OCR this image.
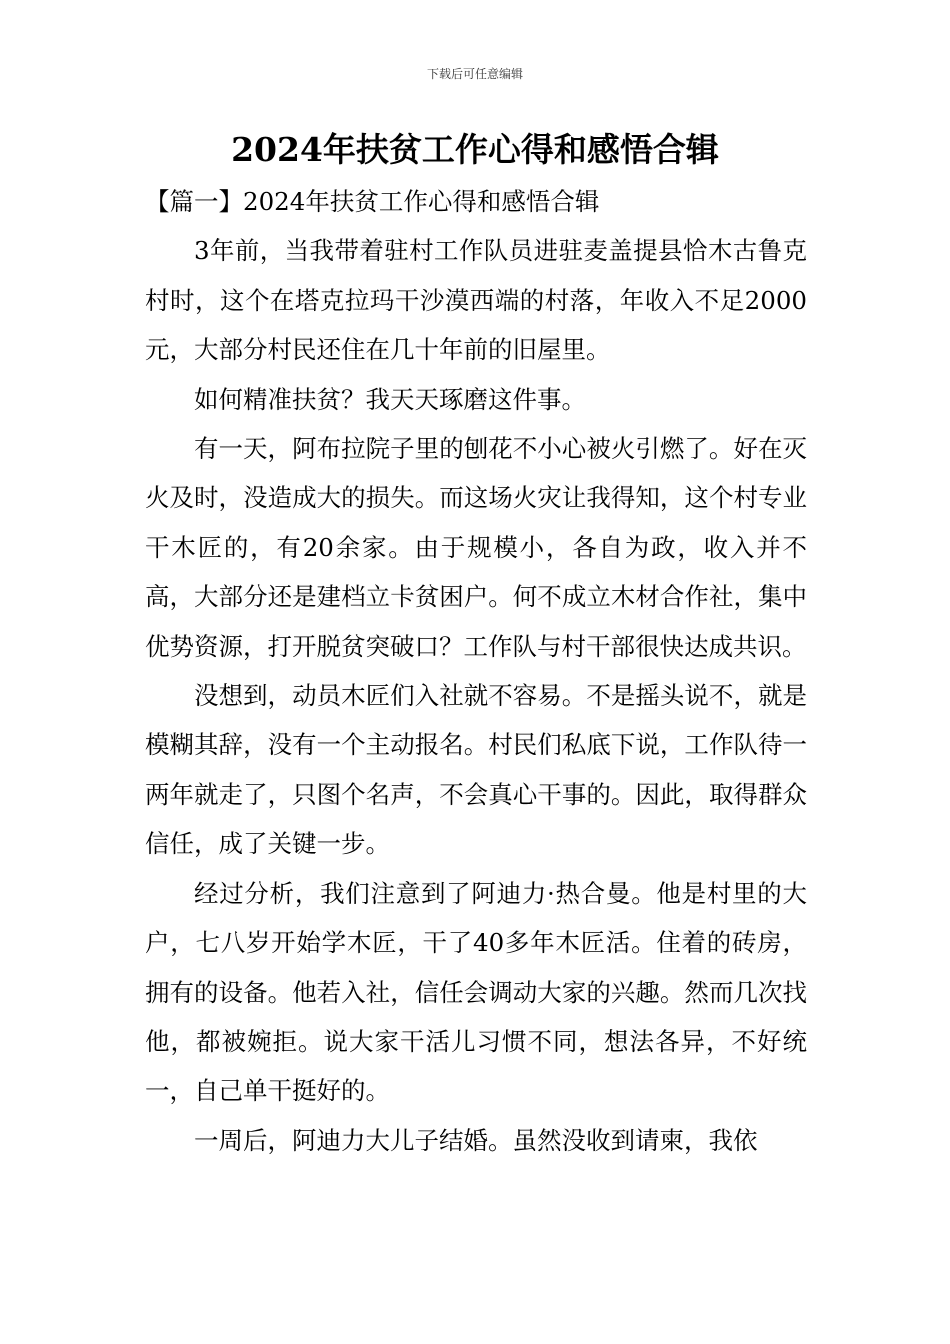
下载后可任意编辑
2024年扶贫工作心得和感悟合辑

【篇一】2024年扶贫工作心得和感悟合辑

3年前，当我带着驻村工作队员进驻麦盖提县恰木古鲁克村时，这个在塔克拉玛干沙漠西端的村落，年收入不足2000元，大部分村民还住在几十年前的旧屋里。

如何精准扶贫？我天天琢磨这件事。

有一天，阿布拉院子里的刨花不小心被火引燃了。好在灭火及时，没造成大的损失。而这场火灾让我得知，这个村专业干木匠的，有20余家。由于规模小，各自为政，收入并不高，大部分还是建档立卡贫困户。何不成立木材合作社，集中优势资源，打开脱贫突破口？工作队与村干部很快达成共识。

没想到，动员木匠们入社就不容易。不是摇头说不，就是模糊其辞，没有一个主动报名。村民们私底下说，工作队待一两年就走了，只图个名声，不会真心干事的。因此，取得群众信任，成了关键一步。

经过分析，我们注意到了阿迪力·热合曼。他是村里的大户，七八岁开始学木匠，干了40多年木匠活。住着的砖房，拥有的设备。他若入社，信任会调动大家的兴趣。然而几次找他，都被婉拒。说大家干活儿习惯不同，想法各异，不好统一，自己单干挺好的。

一周后，阿迪力大儿子结婚。虽然没收到请柬，我依
